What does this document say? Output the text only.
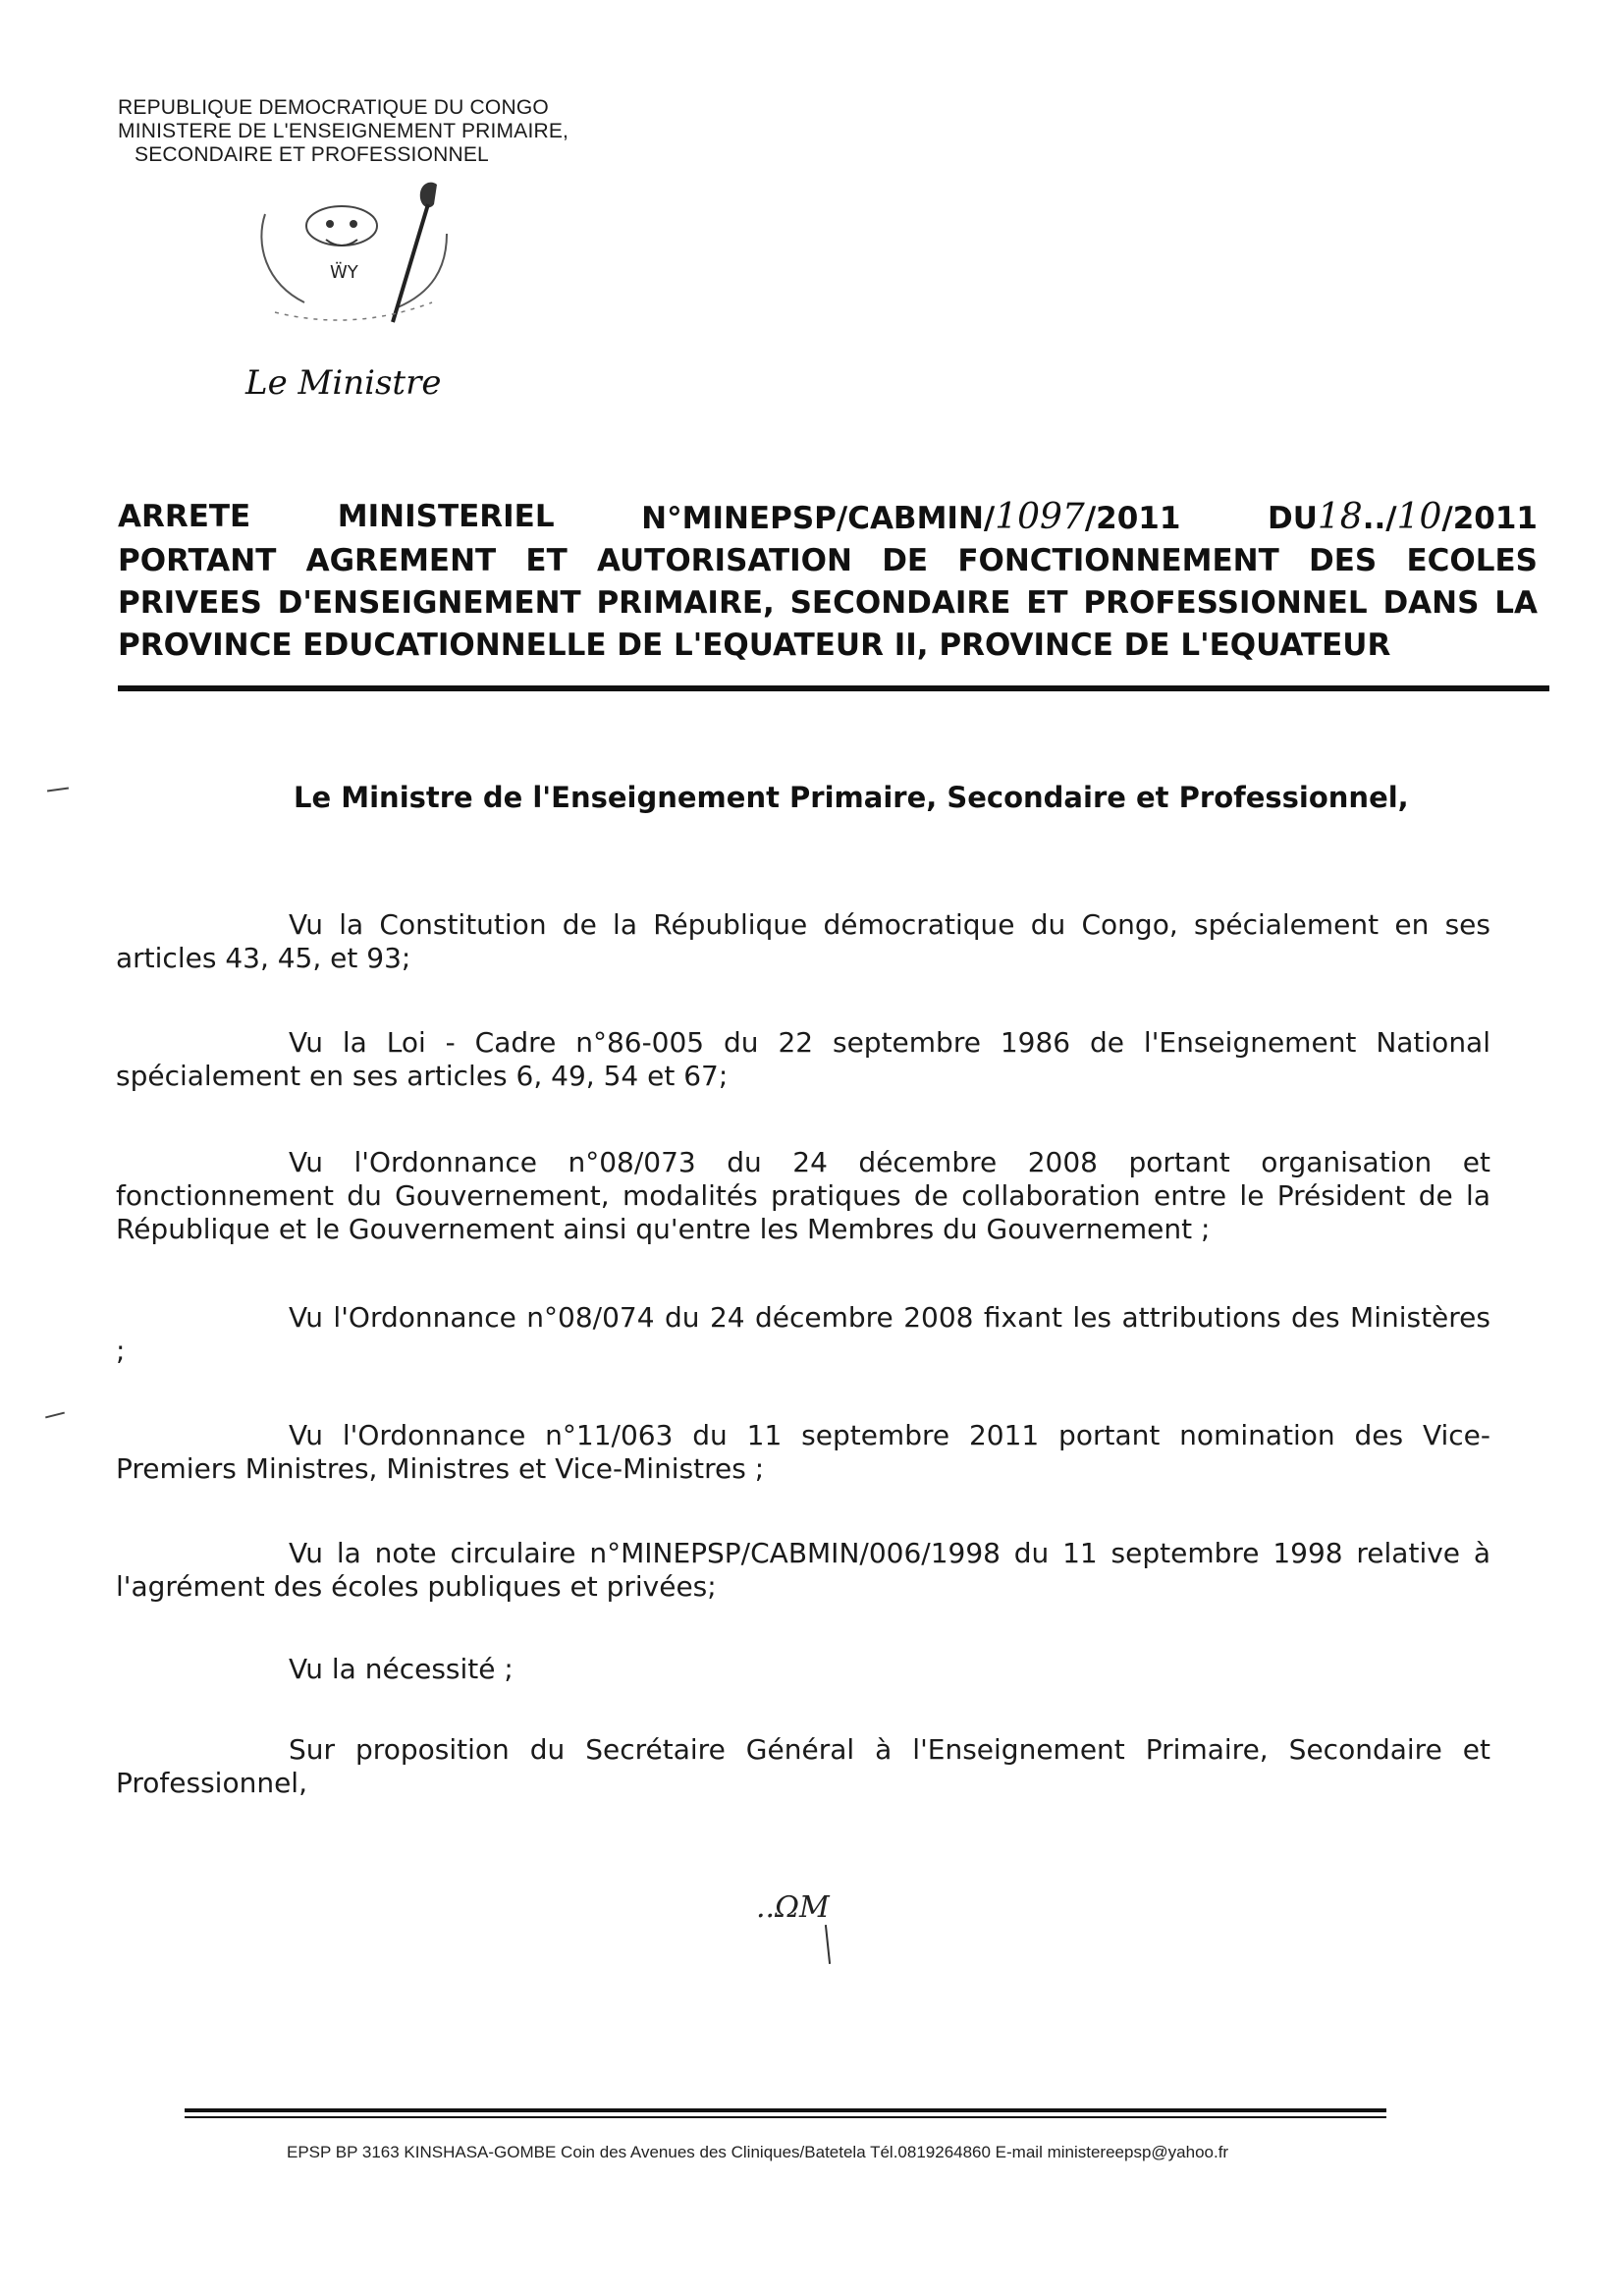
REPUBLIQUE DEMOCRATIQUE DU CONGO
MINISTERE DE L'ENSEIGNEMENT PRIMAIRE,
SECONDAIRE ET PROFESSIONNEL
ẄY
Le Ministre
ARRETE	MINISTERIEL	N°MINEPSP/CABMIN/1097/2011	DU18../10/2011
PORTANT AGREMENT ET AUTORISATION DE FONCTIONNEMENT DES ECOLES
PRIVEES D'ENSEIGNEMENT PRIMAIRE, SECONDAIRE ET PROFESSIONNEL DANS LA
PROVINCE EDUCATIONNELLE DE L'EQUATEUR II, PROVINCE DE L'EQUATEUR
Le Ministre de l'Enseignement Primaire, Secondaire et Professionnel,

Vu la Constitution de la République démocratique du Congo, spécialement en ses articles 43, 45, et 93;

Vu la Loi - Cadre n°86-005 du 22 septembre 1986 de l'Enseignement National spécialement en ses articles 6, 49, 54 et 67;

Vu l'Ordonnance n°08/073 du 24 décembre 2008 portant organisation et fonctionnement du Gouvernement, modalités pratiques de collaboration entre le Président de la République et le Gouvernement ainsi qu'entre les Membres du Gouvernement ;

Vu l'Ordonnance n°08/074 du 24 décembre 2008 fixant les attributions des Ministères ;

Vu l'Ordonnance n°11/063 du 11 septembre 2011 portant nomination des Vice-Premiers Ministres, Ministres et Vice-Ministres ;

Vu la note circulaire n°MINEPSP/CABMIN/006/1998 du 11 septembre 1998 relative à l'agrément des écoles publiques et privées;

Vu la nécessité ;

Sur proposition du Secrétaire Général à l'Enseignement Primaire, Secondaire et Professionnel,

..ΩM
EPSP BP 3163 KINSHASA-GOMBE Coin des Avenues des Cliniques/Batetela Tél.0819264860 E-mail ministereepsp@yahoo.fr
